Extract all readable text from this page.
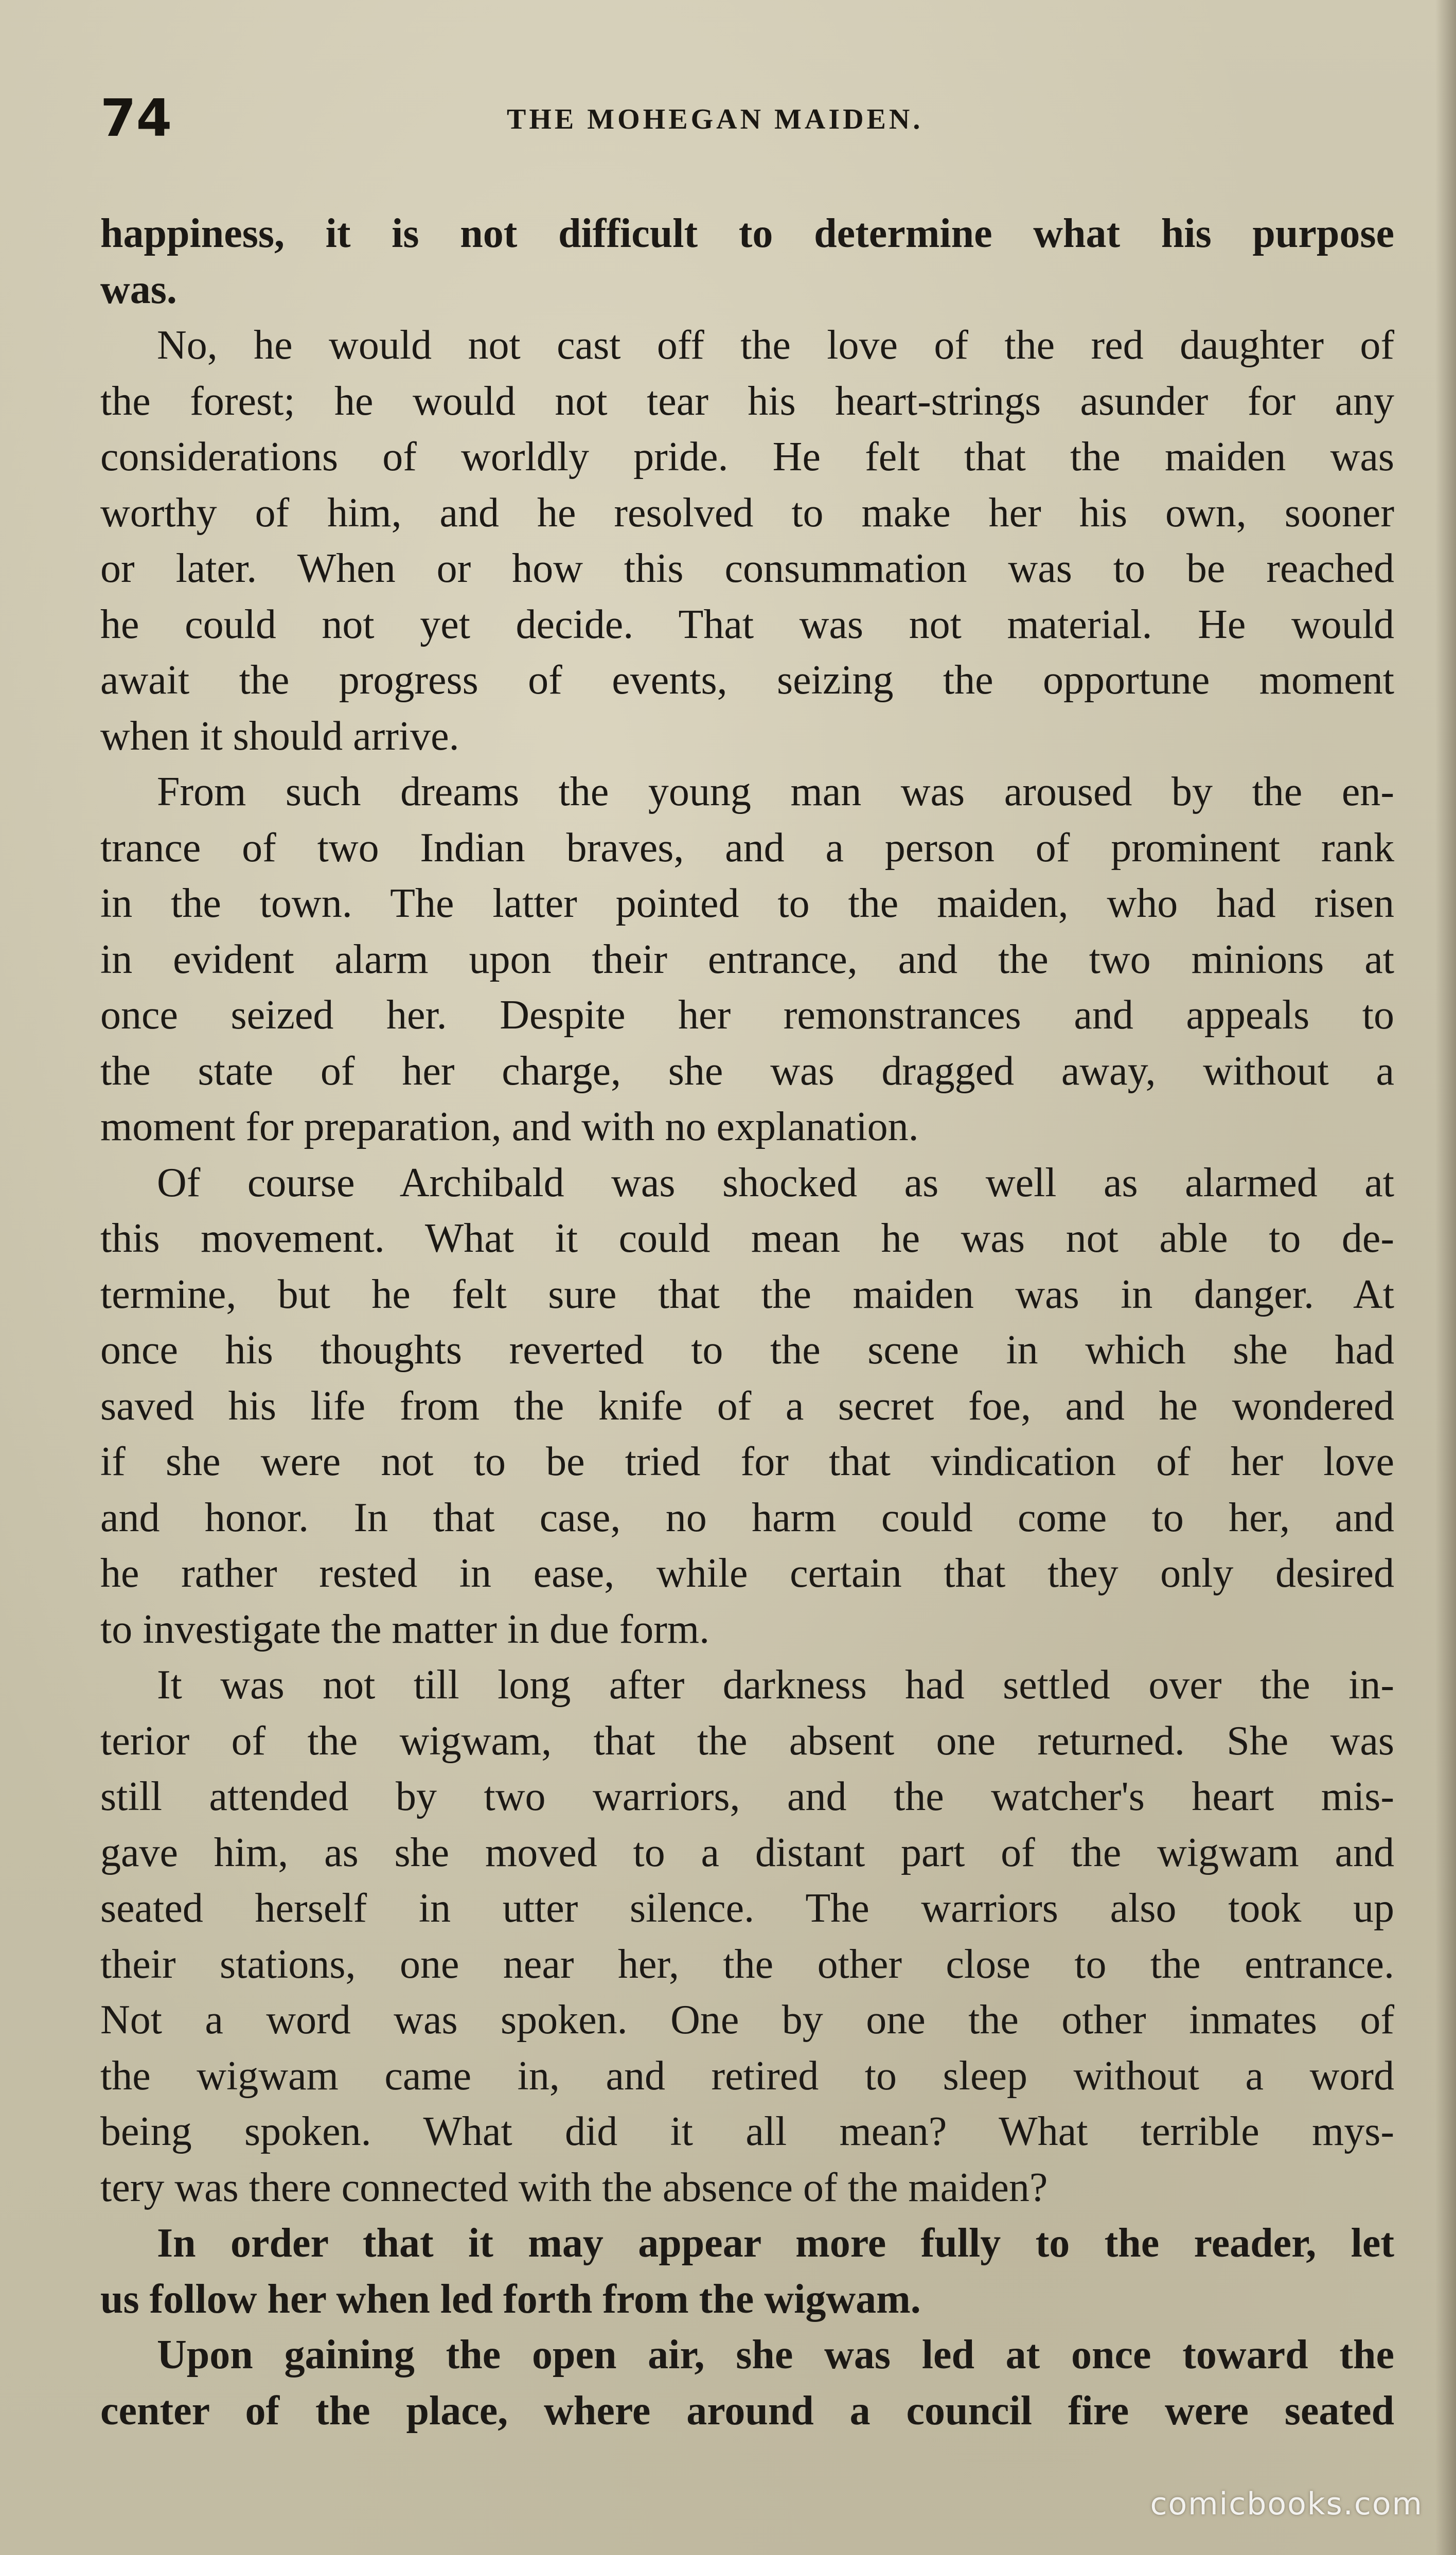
74	THE MOHEGAN MAIDEN.

happiness, it is not difficult to determine what his purpose

was.

No, he would not cast off the love of the red daughter of

the forest; he would not tear his heart-strings asunder for any

considerations of worldly pride. He felt that the maiden was

worthy of him, and he resolved to make her his own, sooner

or later. When or how this consummation was to be reached

he could not yet decide. That was not material. He would

await the progress of events, seizing the opportune moment

when it should arrive.

From such dreams the young man was aroused by the en-

trance of two Indian braves, and a person of prominent rank

in the town. The latter pointed to the maiden, who had risen

in evident alarm upon their entrance, and the two minions at

once seized her. Despite her remonstrances and appeals to

the state of her charge, she was dragged away, without a

moment for preparation, and with no explanation.

Of course Archibald was shocked as well as alarmed at

this movement. What it could mean he was not able to de-

termine, but he felt sure that the maiden was in danger. At

once his thoughts reverted to the scene in which she had

saved his life from the knife of a secret foe, and he wondered

if she were not to be tried for that vindication of her love

and honor. In that case, no harm could come to her, and

he rather rested in ease, while certain that they only desired

to investigate the matter in due form.

It was not till long after darkness had settled over the in-

terior of the wigwam, that the absent one returned. She was

still attended by two warriors, and the watcher's heart mis-

gave him, as she moved to a distant part of the wigwam and

seated herself in utter silence. The warriors also took up

their stations, one near her, the other close to the entrance.

Not a word was spoken. One by one the other inmates of

the wigwam came in, and retired to sleep without a word

being spoken. What did it all mean? What terrible mys-

tery was there connected with the absence of the maiden?

In order that it may appear more fully to the reader, let

us follow her when led forth from the wigwam.

Upon gaining the open air, she was led at once toward the

center of the place, where around a council fire were seated

comicbooks.com
